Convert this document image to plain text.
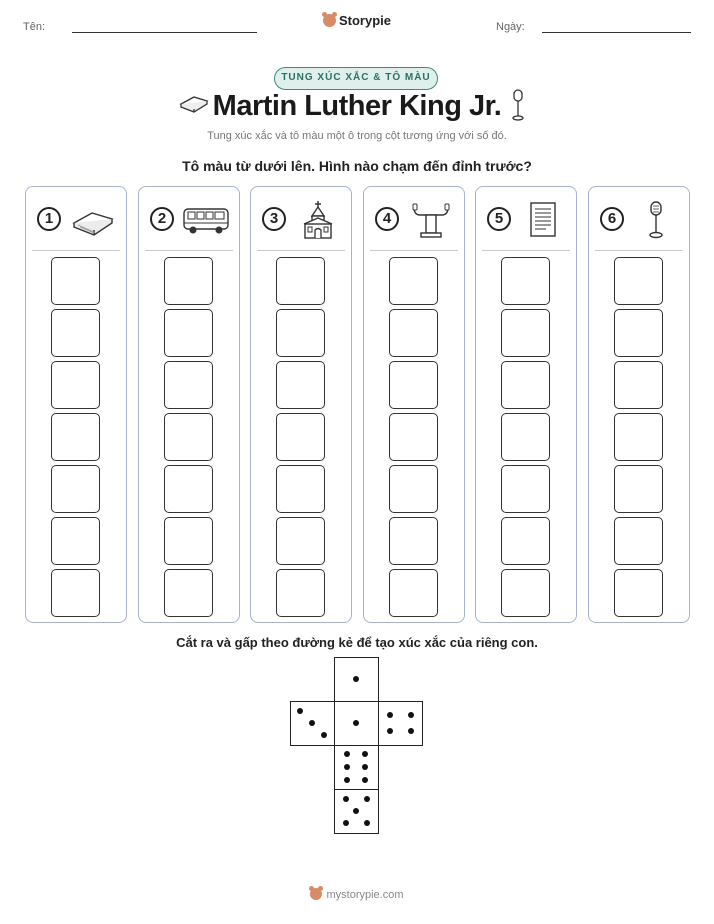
Tên:	Storypie	Ngày:
TUNG XÚC XẮC & TÔ MÀU
Martin Luther King Jr.
Tung xúc xắc và tô màu một ô trong cột tương ứng với số đó.
Tô màu từ dưới lên. Hình nào chạm đến đỉnh trước?
1	2	3	4	5	6
Cắt ra và gấp theo đường kẻ để tạo xúc xắc của riêng con.
mystorypie.com
